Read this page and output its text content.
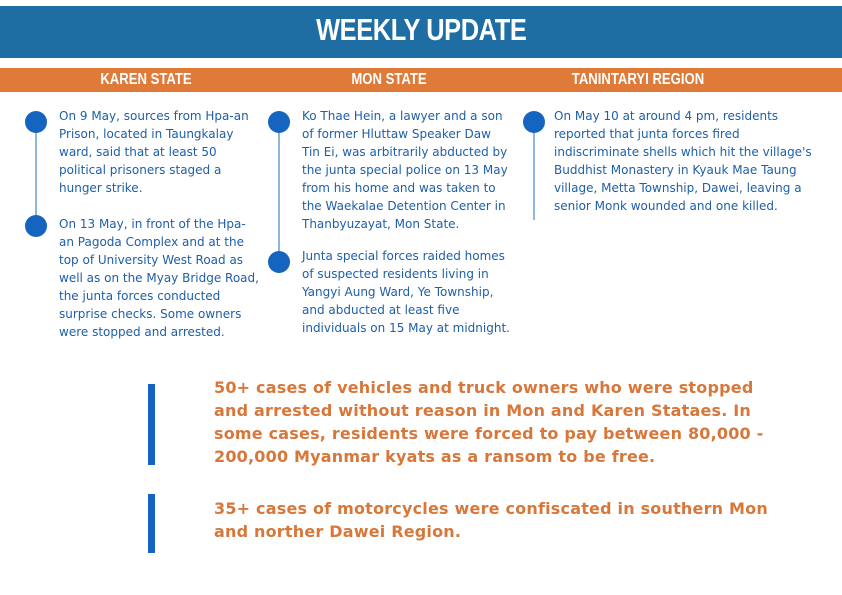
WEEKLY UPDATE
KAREN STATE	MON STATE	TANINTARYI REGION
On 9 May, sources from Hpa-an Prison, located in Taungkalay ward, said that at least 50 political prisoners staged a hunger strike.
On 13 May, in front of the Hpa-an Pagoda Complex and at the top of University West Road as well as on the Myay Bridge Road, the junta forces conducted surprise checks. Some owners were stopped and arrested.
Ko Thae Hein, a lawyer and a son of former Hluttaw Speaker Daw Tin Ei, was arbitrarily abducted by the junta special police on 13 May from his home and was taken to the Waekalae Detention Center in Thanbyuzayat, Mon State.
Junta special forces raided homes of suspected residents living in Yangyi Aung Ward, Ye Township, and abducted at least five individuals on 15 May at midnight.
On May 10 at around 4 pm, residents reported that junta forces fired indiscriminate shells which hit the village's Buddhist Monastery in Kyauk Mae Taung village, Metta Township, Dawei, leaving a senior Monk wounded and one killed.
50+ cases of vehicles and truck owners who were stopped and arrested without reason in Mon and Karen Stataes. In some cases, residents were forced to pay between 80,000 - 200,000 Myanmar kyats as a ransom to be free.
35+ cases of motorcycles were confiscated in southern Mon and norther Dawei Region.
